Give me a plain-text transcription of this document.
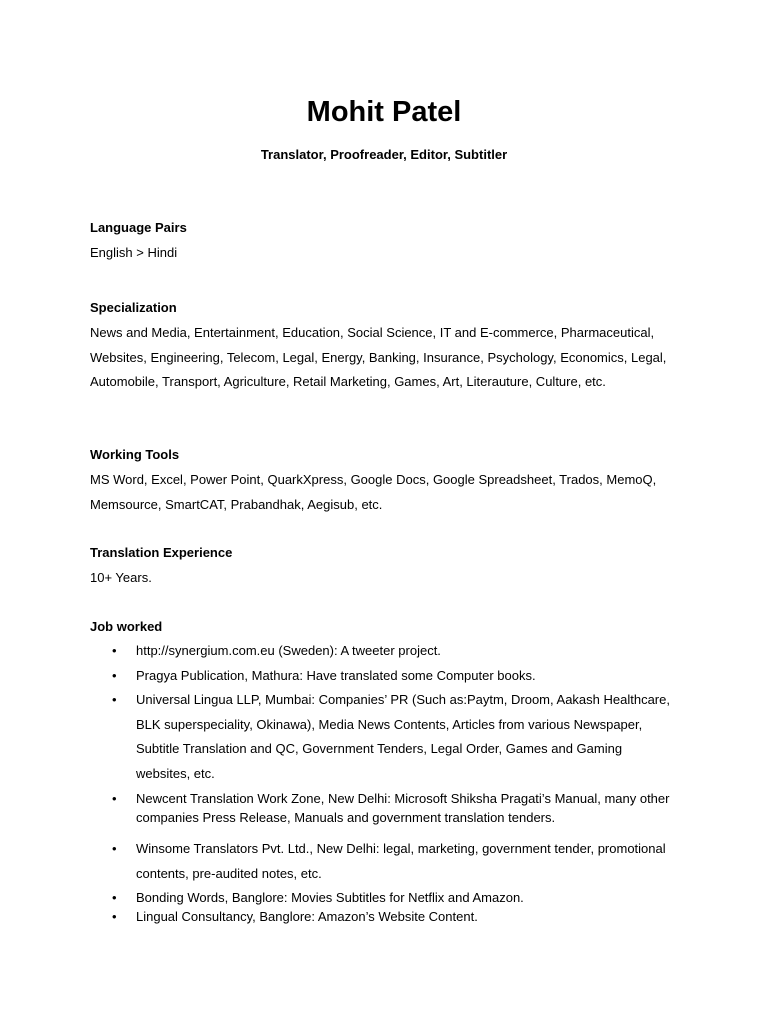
Mohit Patel
Translator, Proofreader, Editor, Subtitler

Language Pairs

English > Hindi

Specialization

News and Media, Entertainment, Education, Social Science, IT and E-commerce, Pharmaceutical, Websites, Engineering, Telecom, Legal, Energy, Banking, Insurance, Psychology, Economics, Legal, Automobile, Transport, Agriculture, Retail Marketing, Games, Art, Literauture, Culture, etc.

Working Tools

MS Word, Excel, Power Point, QuarkXpress, Google Docs, Google Spreadsheet, Trados, MemoQ, Memsource, SmartCAT, Prabandhak, Aegisub, etc.

Translation Experience

10+ Years.

Job worked

• http://synergium.com.eu (Sweden): A tweeter project.
• Pragya Publication, Mathura: Have translated some Computer books.
• Universal Lingua LLP, Mumbai: Companies’ PR (Such as:Paytm, Droom, Aakash Healthcare, BLK superspeciality, Okinawa), Media News Contents, Articles from various Newspaper, Subtitle Translation and QC, Government Tenders, Legal Order, Games and Gaming websites, etc.
• Newcent Translation Work Zone, New Delhi: Microsoft Shiksha Pragati’s Manual, many other companies Press Release, Manuals and government translation tenders.
• Winsome Translators Pvt. Ltd., New Delhi: legal, marketing, government tender, promotional contents, pre-audited notes, etc.
• Bonding Words, Banglore: Movies Subtitles for Netflix and Amazon.
• Lingual Consultancy, Banglore: Amazon’s Website Content.
